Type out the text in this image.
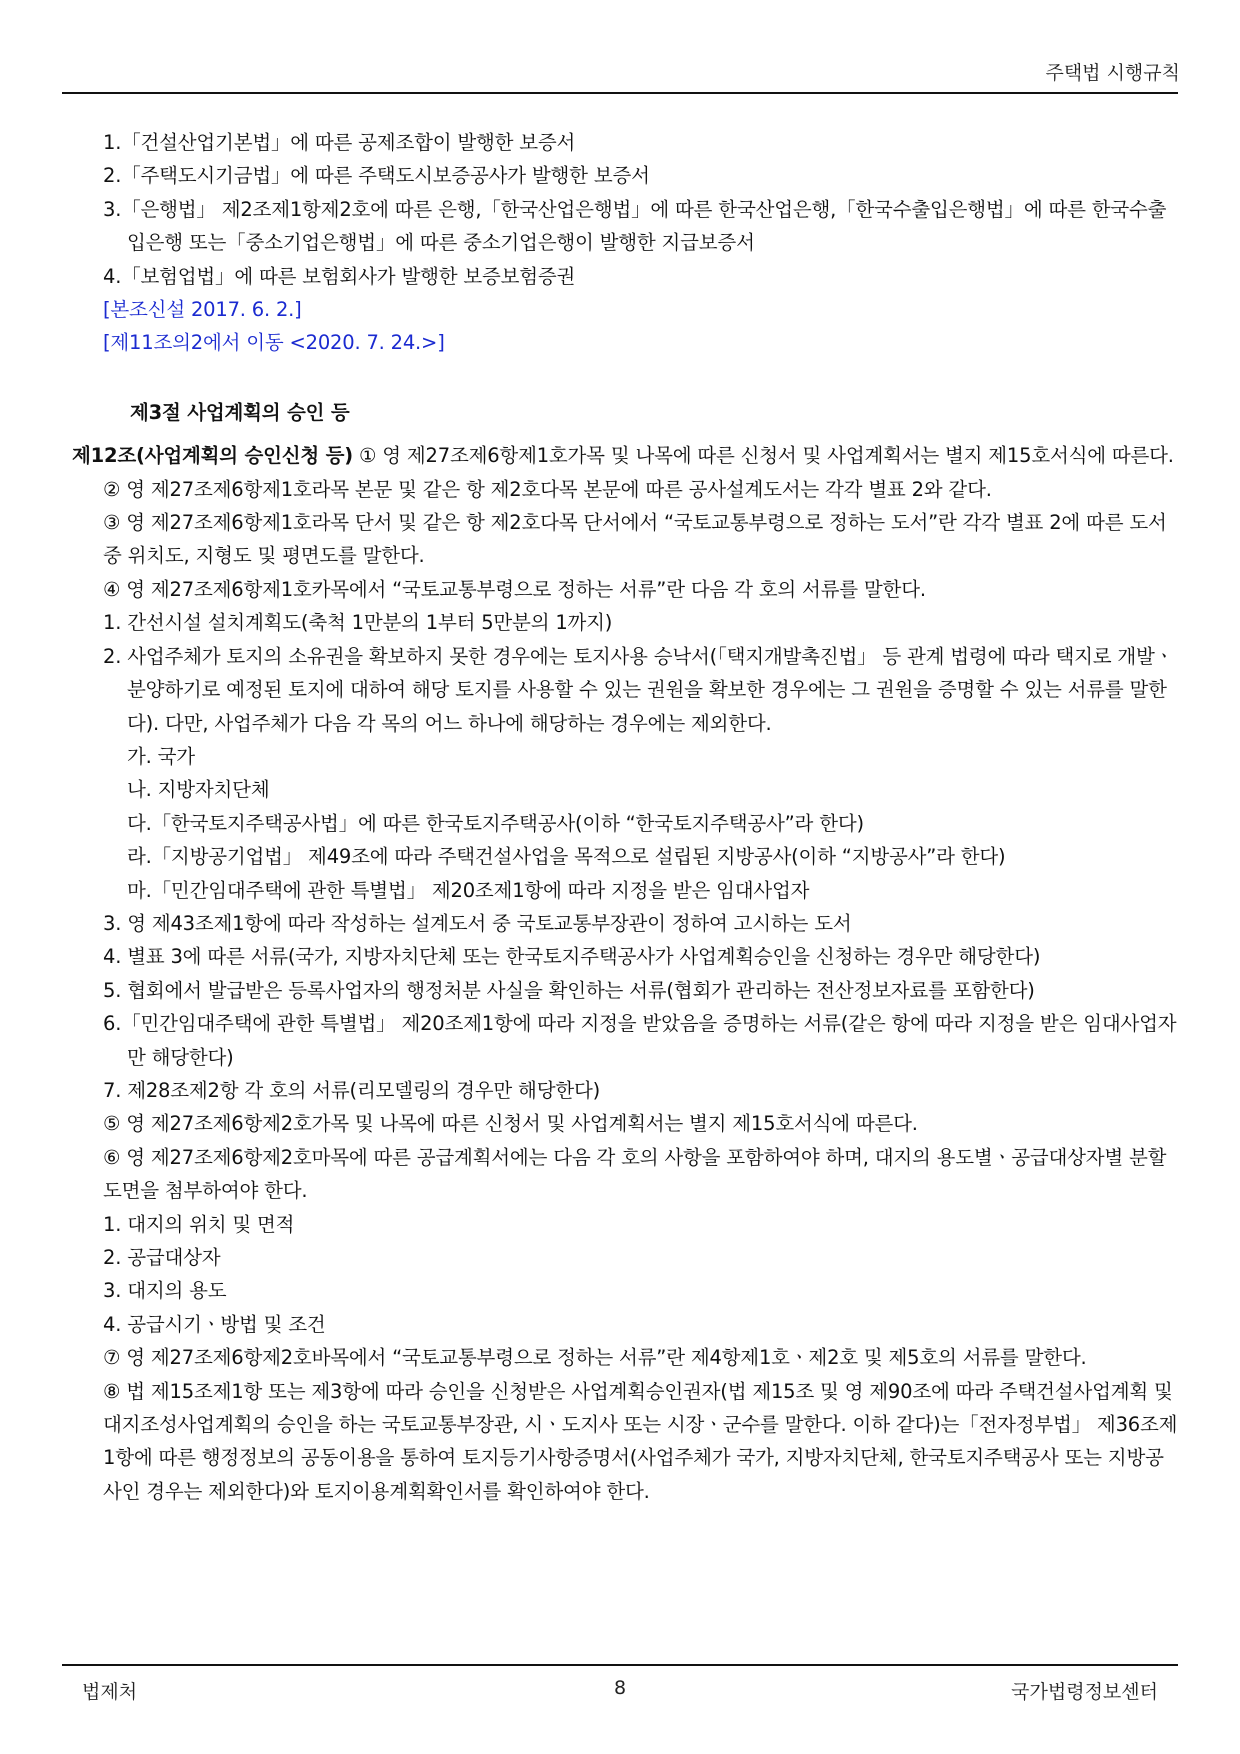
주택법 시행규칙

1.「건설산업기본법」에 따른 공제조합이 발행한 보증서

2.「주택도시기금법」에 따른 주택도시보증공사가 발행한 보증서

3.「은행법」 제2조제1항제2호에 따른 은행,「한국산업은행법」에 따른 한국산업은행,「한국수출입은행법」에 따른 한국수출입은행 또는「중소기업은행법」에 따른 중소기업은행이 발행한 지급보증서

4.「보험업법」에 따른 보험회사가 발행한 보증보험증권

[본조신설 2017. 6. 2.]

[제11조의2에서 이동 <2020. 7. 24.>]

제3절 사업계획의 승인 등

제12조(사업계획의 승인신청 등) ① 영 제27조제6항제1호가목 및 나목에 따른 신청서 및 사업계획서는 별지 제15호서식에 따른다.

② 영 제27조제6항제1호라목 본문 및 같은 항 제2호다목 본문에 따른 공사설계도서는 각각 별표 2와 같다.

③ 영 제27조제6항제1호라목 단서 및 같은 항 제2호다목 단서에서 “국토교통부령으로 정하는 도서”란 각각 별표 2에 따른 도서 중 위치도, 지형도 및 평면도를 말한다.

④ 영 제27조제6항제1호카목에서 “국토교통부령으로 정하는 서류”란 다음 각 호의 서류를 말한다.

1. 간선시설 설치계획도(축척 1만분의 1부터 5만분의 1까지)

2. 사업주체가 토지의 소유권을 확보하지 못한 경우에는 토지사용 승낙서(「택지개발촉진법」 등 관계 법령에 따라 택지로 개발ㆍ분양하기로 예정된 토지에 대하여 해당 토지를 사용할 수 있는 권원을 확보한 경우에는 그 권원을 증명할 수 있는 서류를 말한다). 다만, 사업주체가 다음 각 목의 어느 하나에 해당하는 경우에는 제외한다.

가. 국가

나. 지방자치단체

다.「한국토지주택공사법」에 따른 한국토지주택공사(이하 “한국토지주택공사”라 한다)

라.「지방공기업법」 제49조에 따라 주택건설사업을 목적으로 설립된 지방공사(이하 “지방공사”라 한다)

마.「민간임대주택에 관한 특별법」 제20조제1항에 따라 지정을 받은 임대사업자

3. 영 제43조제1항에 따라 작성하는 설계도서 중 국토교통부장관이 정하여 고시하는 도서

4. 별표 3에 따른 서류(국가, 지방자치단체 또는 한국토지주택공사가 사업계획승인을 신청하는 경우만 해당한다)

5. 협회에서 발급받은 등록사업자의 행정처분 사실을 확인하는 서류(협회가 관리하는 전산정보자료를 포함한다)

6.「민간임대주택에 관한 특별법」 제20조제1항에 따라 지정을 받았음을 증명하는 서류(같은 항에 따라 지정을 받은 임대사업자만 해당한다)

7. 제28조제2항 각 호의 서류(리모델링의 경우만 해당한다)

⑤ 영 제27조제6항제2호가목 및 나목에 따른 신청서 및 사업계획서는 별지 제15호서식에 따른다.

⑥ 영 제27조제6항제2호마목에 따른 공급계획서에는 다음 각 호의 사항을 포함하여야 하며, 대지의 용도별ㆍ공급대상자별 분할도면을 첨부하여야 한다.

1. 대지의 위치 및 면적

2. 공급대상자

3. 대지의 용도

4. 공급시기ㆍ방법 및 조건

⑦ 영 제27조제6항제2호바목에서 “국토교통부령으로 정하는 서류”란 제4항제1호ㆍ제2호 및 제5호의 서류를 말한다.

⑧ 법 제15조제1항 또는 제3항에 따라 승인을 신청받은 사업계획승인권자(법 제15조 및 영 제90조에 따라 주택건설사업계획 및 대지조성사업계획의 승인을 하는 국토교통부장관, 시ㆍ도지사 또는 시장ㆍ군수를 말한다. 이하 같다)는「전자정부법」 제36조제1항에 따른 행정정보의 공동이용을 통하여 토지등기사항증명서(사업주체가 국가, 지방자치단체, 한국토지주택공사 또는 지방공사인 경우는 제외한다)와 토지이용계획확인서를 확인하여야 한다.

법제처	8	국가법령정보센터
